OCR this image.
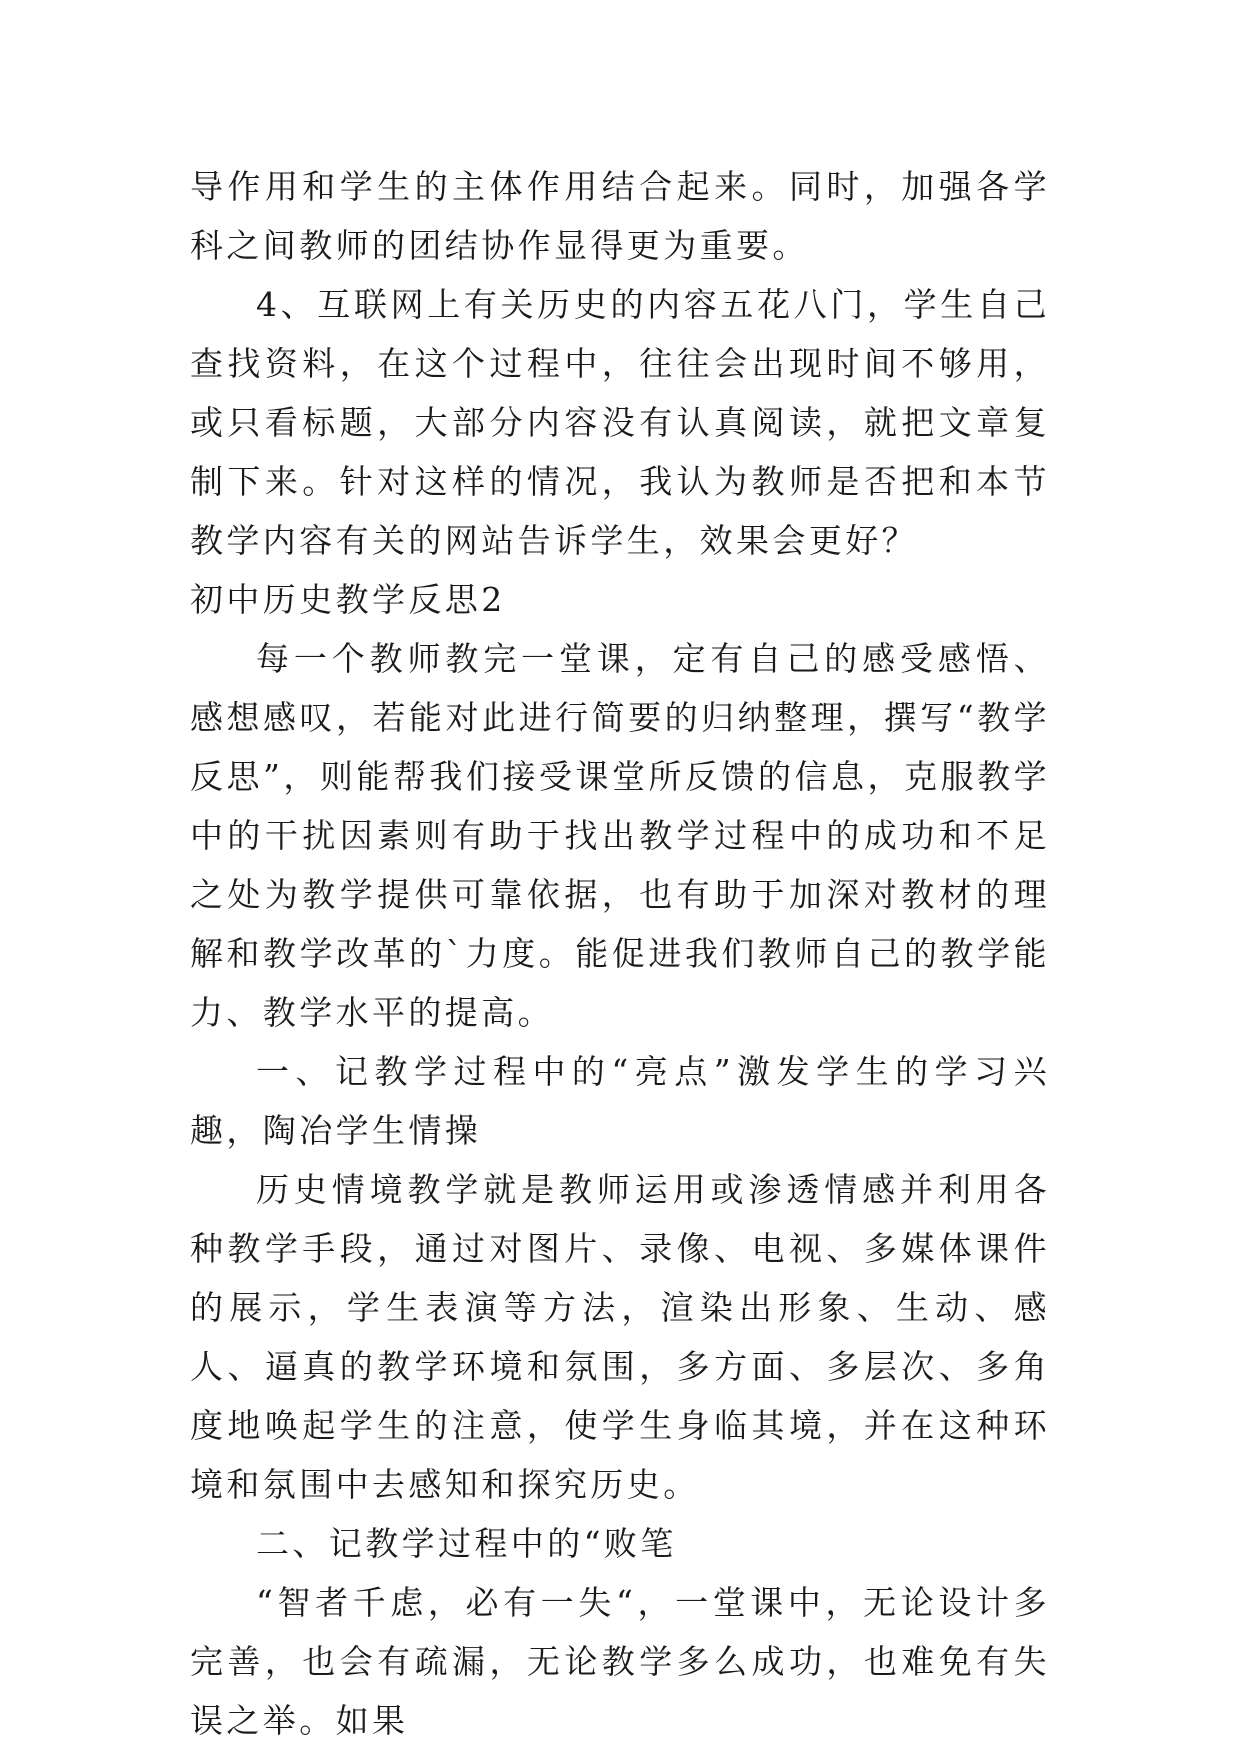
导作用和学生的主体作用结合起来。同时，加强各学科之间教师的团结协作显得更为重要。

4、互联网上有关历史的内容五花八门，学生自己查找资料，在这个过程中，往往会出现时间不够用，或只看标题，大部分内容没有认真阅读，就把文章复制下来。针对这样的情况，我认为教师是否把和本节教学内容有关的网站告诉学生，效果会更好？

初中历史教学反思2

每一个教师教完一堂课，定有自己的感受感悟、感想感叹，若能对此进行简要的归纳整理，撰写“教学反思”，则能帮我们接受课堂所反馈的信息，克服教学中的干扰因素则有助于找出教学过程中的成功和不足之处为教学提供可靠依据，也有助于加深对教材的理解和教学改革的`力度。能促进我们教师自己的教学能力、教学水平的提高。

一、记教学过程中的“亮点”激发学生的学习兴趣，陶冶学生情操

历史情境教学就是教师运用或渗透情感并利用各种教学手段，通过对图片、录像、电视、多媒体课件的展示，学生表演等方法，渲染出形象、生动、感人、逼真的教学环境和氛围，多方面、多层次、多角度地唤起学生的注意，使学生身临其境，并在这种环境和氛围中去感知和探究历史。

二、记教学过程中的“败笔

“智者千虑，必有一失“，一堂课中，无论设计多完善，也会有疏漏，无论教学多么成功，也难免有失误之举。如果
